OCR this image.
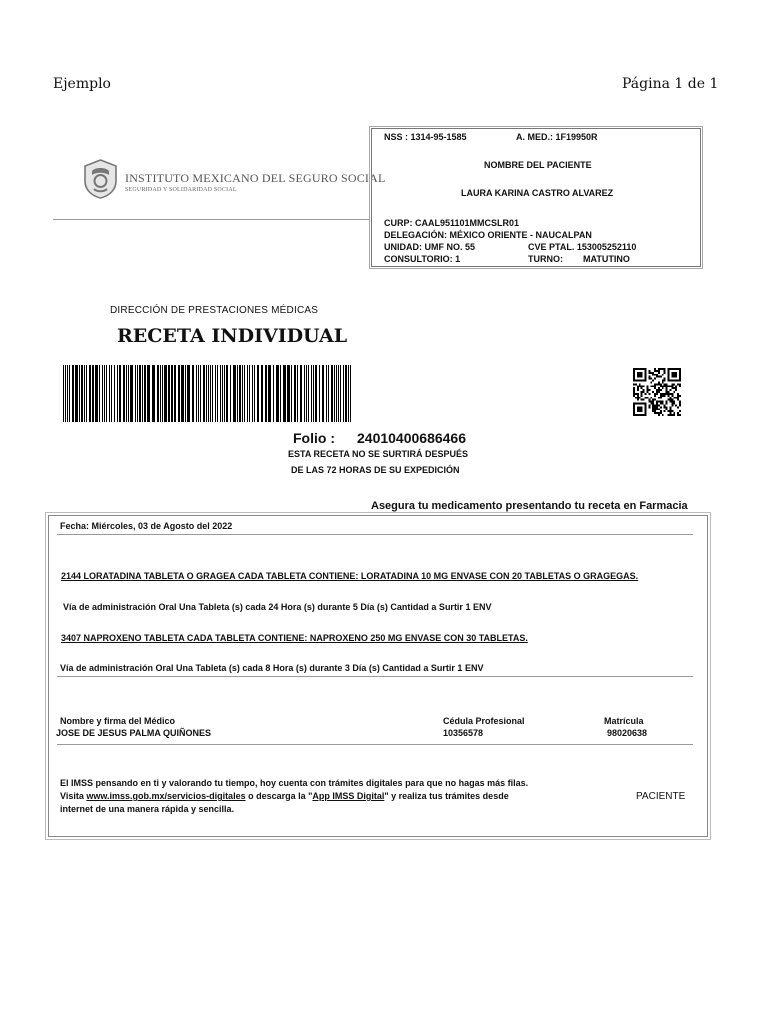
Ejemplo	Página 1 de 1
INSTITUTO MEXICANO DEL SEGURO SOCIAL
SEGURIDAD Y SOLIDARIDAD SOCIAL
NSS : 1314-95-1585	A. MED.: 1F19950R
NOMBRE DEL PACIENTE
LAURA KARINA CASTRO ALVAREZ
CURP: CAAL951101MMCSLR01
DELEGACIÓN: MÉXICO ORIENTE - NAUCALPAN
UNIDAD: UMF NO. 55	CVE PTAL. 153005252110
CONSULTORIO: 1	TURNO: MATUTINO
DIRECCIÓN DE PRESTACIONES MÉDICAS
RECETA INDIVIDUAL
Folio : 24010400686466
ESTA RECETA NO SE SURTIRÁ DESPUÉS
DE LAS 72 HORAS DE SU EXPEDICIÓN
Asegura tu medicamento presentando tu receta en Farmacia
Fecha: Miércoles, 03 de Agosto del 2022
2144 LORATADINA TABLETA O GRAGEA CADA TABLETA CONTIENE: LORATADINA 10 MG ENVASE CON 20 TABLETAS O GRAGEGAS.
Vía de administración Oral Una Tableta (s) cada 24 Hora (s) durante 5 Día (s) Cantidad a Surtir 1 ENV
3407 NAPROXENO TABLETA CADA TABLETA CONTIENE: NAPROXENO 250 MG ENVASE CON 30 TABLETAS.
Vía de administración Oral Una Tableta (s) cada 8 Hora (s) durante 3 Día (s) Cantidad a Surtir 1 ENV
Nombre y firma del Médico
JOSE DE JESUS PALMA QUIÑONES
Cédula Profesional
10356578
Matrícula
98020638
El IMSS pensando en ti y valorando tu tiempo, hoy cuenta con trámites digitales para que no hagas más filas.
Visita www.imss.gob.mx/servicios-digitales o descarga la "App IMSS Digital" y realiza tus trámites desde
internet de una manera rápida y sencilla.
PACIENTE
